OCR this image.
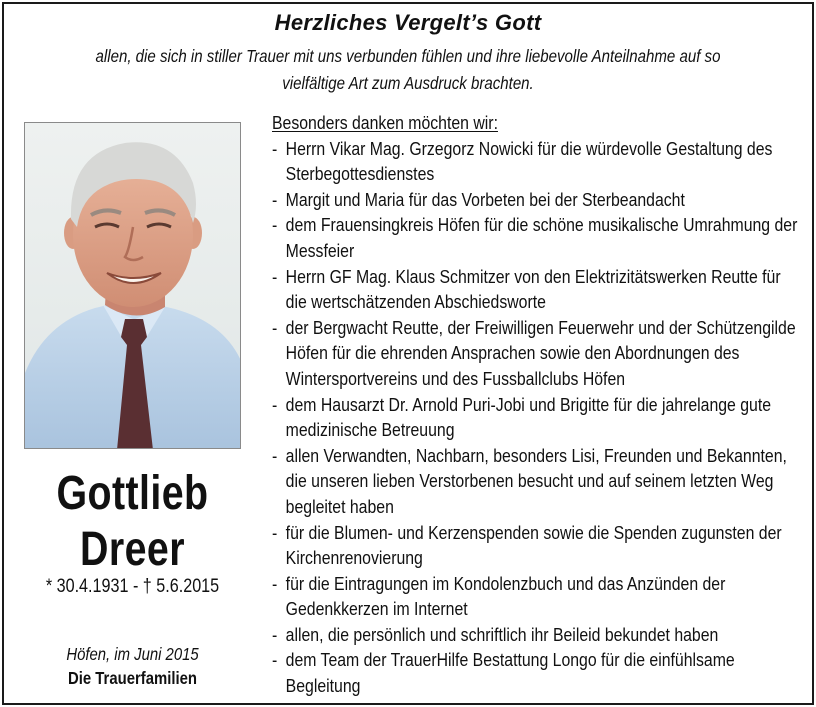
Herzliches Vergelt’s Gott
allen, die sich in stiller Trauer mit uns verbunden fühlen und ihre liebevolle Anteilnahme auf so vielfältige Art zum Ausdruck brachten.
Gottlieb
Dreer
* 30.4.1931 - † 5.6.2015
Höfen, im Juni 2015
Die Trauerfamilien
Besonders danken möchten wir:
- Herrn Vikar Mag. Grzegorz Nowicki für die würdevolle Gestaltung des Sterbegottesdienstes
- Margit und Maria für das Vorbeten bei der Sterbeandacht
- dem Frauensingkreis Höfen für die schöne musikalische Umrahmung der Messfeier
- Herrn GF Mag. Klaus Schmitzer von den Elektrizitätswerken Reutte für die wertschätzenden Abschiedsworte
- der Bergwacht Reutte, der Freiwilligen Feuerwehr und der Schützengilde Höfen für die ehrenden Ansprachen sowie den Abordnungen des Wintersportvereins und des Fussballclubs Höfen
- dem Hausarzt Dr. Arnold Puri-Jobi und Brigitte für die jahrelange gute medizinische Betreuung
- allen Verwandten, Nachbarn, besonders Lisi, Freunden und Bekannten, die unseren lieben Verstorbenen besucht und auf seinem letzten Weg begleitet haben
- für die Blumen- und Kerzenspenden sowie die Spenden zugunsten der Kirchenrenovierung
- für die Eintragungen im Kondolenzbuch und das Anzünden der Gedenkkerzen im Internet
- allen, die persönlich und schriftlich ihr Beileid bekundet haben
- dem Team der TrauerHilfe Bestattung Longo für die einfühlsame Begleitung
